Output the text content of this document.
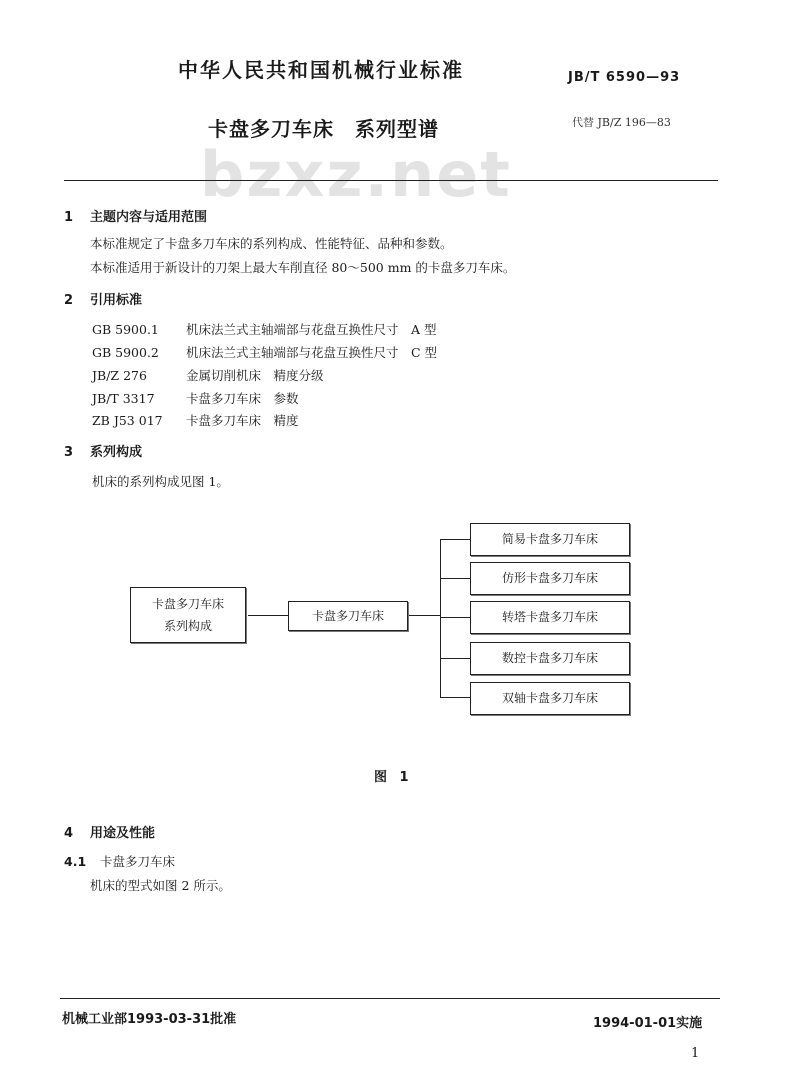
中华人民共和国机械行业标准	JB/T 6590—93
卡盘多刀车床　系列型谱	代替 JB/Z 196—83
bzxz.net
1 主题内容与适用范围
本标准规定了卡盘多刀车床的系列构成、性能特征、品种和参数。
本标准适用于新设计的刀架上最大车削直径 80～500 mm 的卡盘多刀车床。
2 引用标准
GB 5900.1 机床法兰式主轴端部与花盘互换性尺寸　A 型
GB 5900.2 机床法兰式主轴端部与花盘互换性尺寸　C 型
JB/Z 276	金属切削机床　精度分级
JB/T 3317	卡盘多刀车床　参数
ZB J53 017 卡盘多刀车床　精度
3 系列构成
机床的系列构成见图 1。
卡盘多刀车床
系列构成
卡盘多刀车床
简易卡盘多刀车床
仿形卡盘多刀车床
转塔卡盘多刀车床
数控卡盘多刀车床
双轴卡盘多刀车床
图 1
4 用途及性能
4.1 卡盘多刀车床
机床的型式如图 2 所示。
机械工业部1993-03-31批准	1994-01-01实施
1
